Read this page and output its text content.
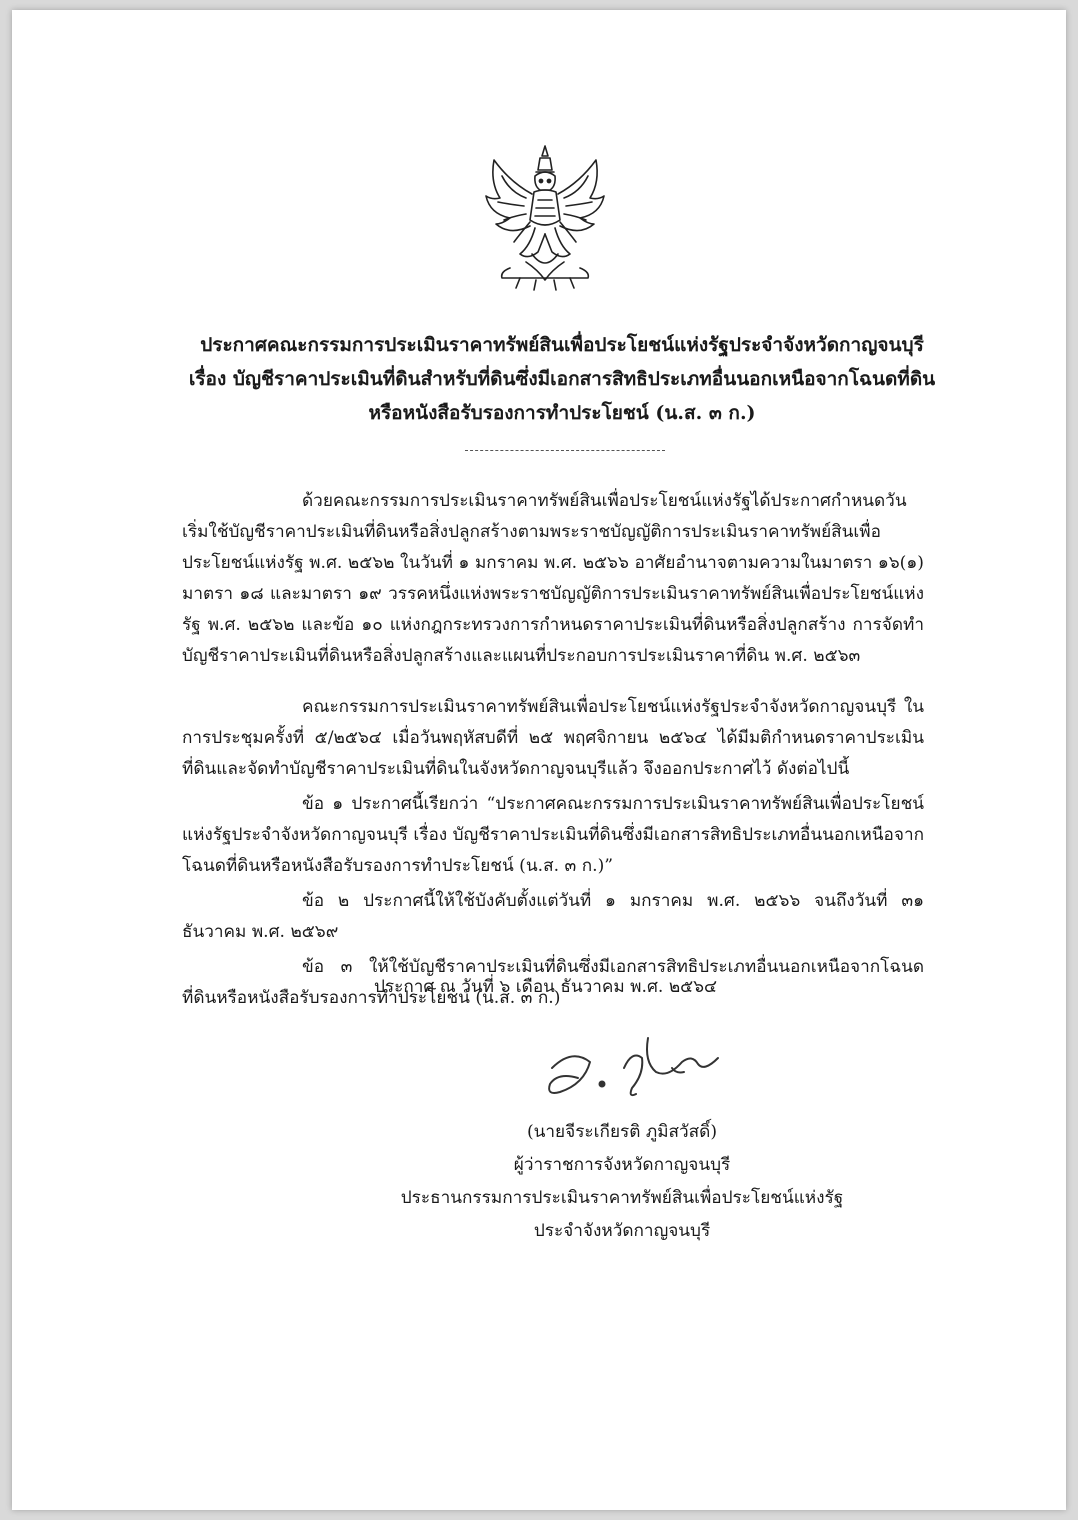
ประกาศคณะกรรมการประเมินราคาทรัพย์สินเพื่อประโยชน์แห่งรัฐประจำจังหวัดกาญจนบุรี
เรื่อง บัญชีราคาประเมินที่ดินสำหรับที่ดินซึ่งมีเอกสารสิทธิประเภทอื่นนอกเหนือจากโฉนดที่ดิน
หรือหนังสือรับรองการทำประโยชน์ (น.ส. ๓ ก.)
ด้วยคณะกรรมการประเมินราคาทรัพย์สินเพื่อประโยชน์แห่งรัฐได้ประกาศกำหนดวันเริ่มใช้บัญชีราคาประเมินที่ดินหรือสิ่งปลูกสร้างตามพระราชบัญญัติการประเมินราคาทรัพย์สินเพื่อประโยชน์แห่งรัฐ พ.ศ. ๒๕๖๒ ในวันที่ ๑ มกราคม พ.ศ. ๒๕๖๖ อาศัยอำนาจตามความในมาตรา ๑๖(๑) มาตรา ๑๘ และมาตรา ๑๙ วรรคหนึ่งแห่งพระราชบัญญัติการประเมินราคาทรัพย์สินเพื่อประโยชน์แห่งรัฐ พ.ศ. ๒๕๖๒ และข้อ ๑๐ แห่งกฎกระทรวงการกำหนดราคาประเมินที่ดินหรือสิ่งปลูกสร้าง การจัดทำบัญชีราคาประเมินที่ดินหรือสิ่งปลูกสร้างและแผนที่ประกอบการประเมินราคาที่ดิน พ.ศ. ๒๕๖๓
คณะกรรมการประเมินราคาทรัพย์สินเพื่อประโยชน์แห่งรัฐประจำจังหวัดกาญจนบุรี ในการประชุมครั้งที่ ๕/๒๕๖๔ เมื่อวันพฤหัสบดีที่ ๒๕ พฤศจิกายน ๒๕๖๔ ได้มีมติกำหนดราคาประเมินที่ดินและจัดทำบัญชีราคาประเมินที่ดินในจังหวัดกาญจนบุรีแล้ว จึงออกประกาศไว้ ดังต่อไปนี้
ข้อ ๑ ประกาศนี้เรียกว่า “ประกาศคณะกรรมการประเมินราคาทรัพย์สินเพื่อประโยชน์แห่งรัฐประจำจังหวัดกาญจนบุรี เรื่อง บัญชีราคาประเมินที่ดินซึ่งมีเอกสารสิทธิประเภทอื่นนอกเหนือจากโฉนดที่ดินหรือหนังสือรับรองการทำประโยชน์ (น.ส. ๓ ก.)”
ข้อ ๒ ประกาศนี้ให้ใช้บังคับตั้งแต่วันที่ ๑ มกราคม พ.ศ. ๒๕๖๖ จนถึงวันที่ ๓๑ ธันวาคม พ.ศ. ๒๕๖๙
ข้อ ๓ ให้ใช้บัญชีราคาประเมินที่ดินซึ่งมีเอกสารสิทธิประเภทอื่นนอกเหนือจากโฉนดที่ดินหรือหนังสือรับรองการทำประโยชน์ (น.ส. ๓ ก.)
ประกาศ ณ วันที่ ๖ เดือน ธันวาคม พ.ศ. ๒๕๖๔
(นายจีระเกียรติ ภูมิสวัสดิ์)
ผู้ว่าราชการจังหวัดกาญจนบุรี
ประธานกรรมการประเมินราคาทรัพย์สินเพื่อประโยชน์แห่งรัฐ
ประจำจังหวัดกาญจนบุรี
